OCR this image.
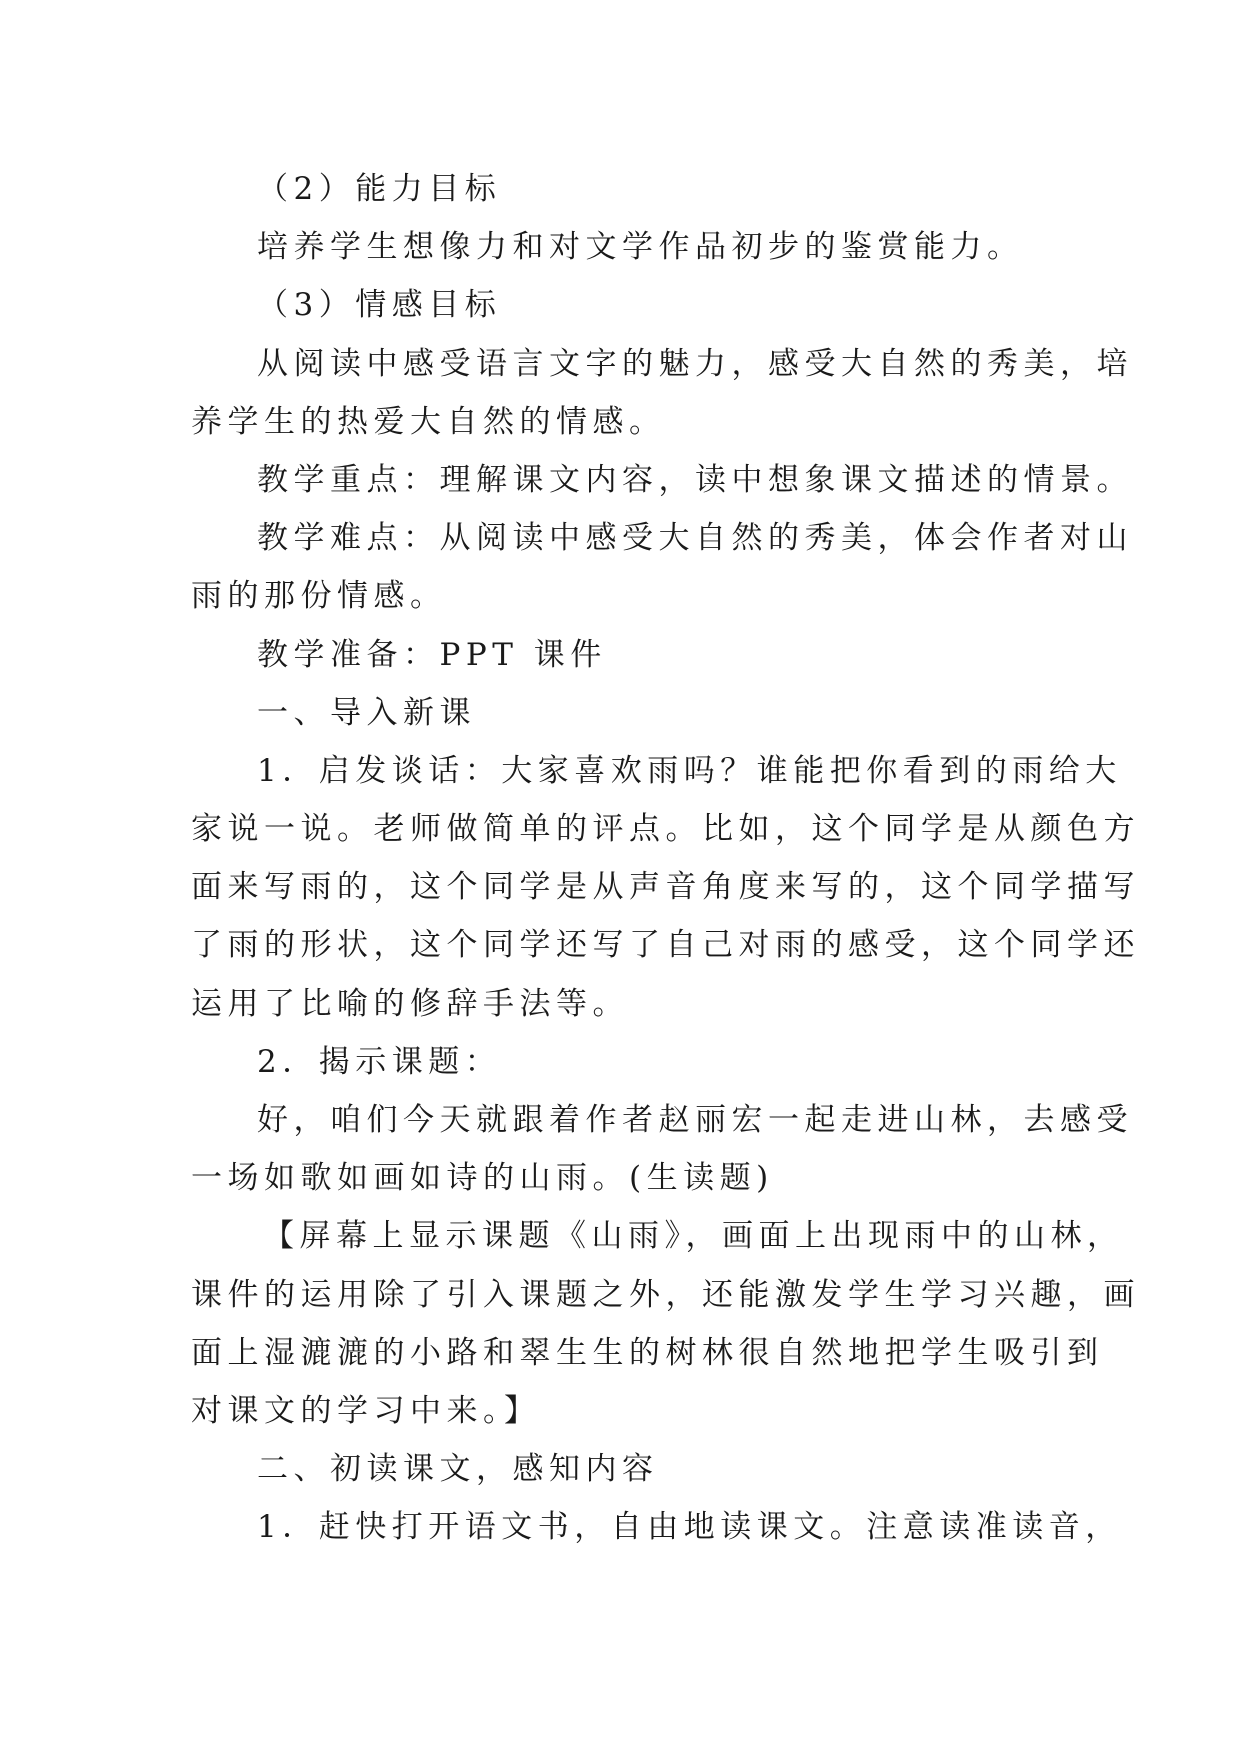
（2）能力目标
培养学生想像力和对文学作品初步的鉴赏能力。
（3）情感目标
从阅读中感受语言文字的魅力，感受大自然的秀美，培
养学生的热爱大自然的情感。
教学重点：理解课文内容，读中想象课文描述的情景。
教学难点：从阅读中感受大自然的秀美，体会作者对山
雨的那份情感。
教学准备：PPT 课件
一、导入新课
1．启发谈话：大家喜欢雨吗？谁能把你看到的雨给大
家说一说。老师做简单的评点。比如，这个同学是从颜色方
面来写雨的，这个同学是从声音角度来写的，这个同学描写
了雨的形状，这个同学还写了自己对雨的感受，这个同学还
运用了比喻的修辞手法等。
2．揭示课题：
好，咱们今天就跟着作者赵丽宏一起走进山林，去感受
一场如歌如画如诗的山雨。(生读题)
【屏幕上显示课题《山雨》，画面上出现雨中的山林，
课件的运用除了引入课题之外，还能激发学生学习兴趣，画
面上湿漉漉的小路和翠生生的树林很自然地把学生吸引到
对课文的学习中来。】
二、初读课文，感知内容
1．赶快打开语文书，自由地读课文。注意读准读音，
